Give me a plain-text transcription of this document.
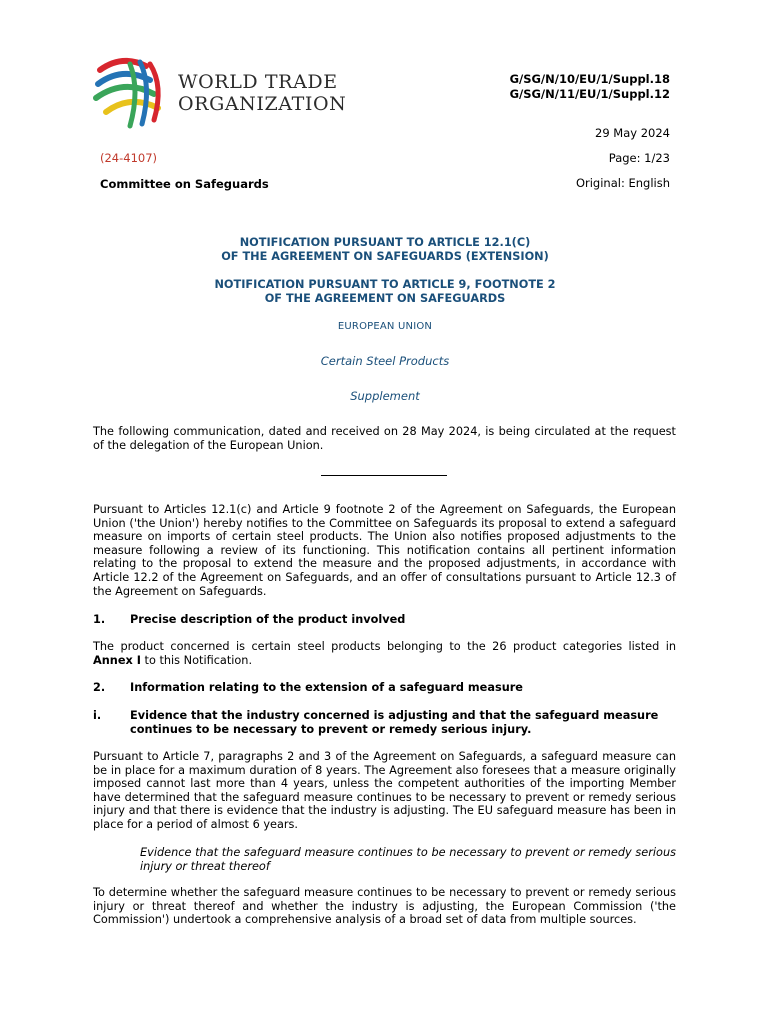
WORLD TRADE
ORGANIZATION
G/SG/N/10/EU/1/Suppl.18
G/SG/N/11/EU/1/Suppl.12
29 May 2024
(24-4107)	Page: 1/23
Committee on Safeguards	Original: English
NOTIFICATION PURSUANT TO ARTICLE 12.1(C)
OF THE AGREEMENT ON SAFEGUARDS (EXTENSION)
NOTIFICATION PURSUANT TO ARTICLE 9, FOOTNOTE 2
OF THE AGREEMENT ON SAFEGUARDS
EUROPEAN UNION
Certain Steel Products
Supplement
The following communication, dated and received on 28 May 2024, is being circulated at the request of the delegation of the European Union.
Pursuant to Articles 12.1(c) and Article 9 footnote 2 of the Agreement on Safeguards, the European Union ('the Union') hereby notifies to the Committee on Safeguards its proposal to extend a safeguard measure on imports of certain steel products. The Union also notifies proposed adjustments to the measure following a review of its functioning. This notification contains all pertinent information relating to the proposal to extend the measure and the proposed adjustments, in accordance with Article 12.2 of the Agreement on Safeguards, and an offer of consultations pursuant to Article 12.3 of the Agreement on Safeguards.
1. Precise description of the product involved
The product concerned is certain steel products belonging to the 26 product categories listed in Annex I to this Notification.
2. Information relating to the extension of a safeguard measure
i.	Evidence that the industry concerned is adjusting and that the safeguard measure continues to be necessary to prevent or remedy serious injury.
Pursuant to Article 7, paragraphs 2 and 3 of the Agreement on Safeguards, a safeguard measure can be in place for a maximum duration of 8 years. The Agreement also foresees that a measure originally imposed cannot last more than 4 years, unless the competent authorities of the importing Member have determined that the safeguard measure continues to be necessary to prevent or remedy serious injury and that there is evidence that the industry is adjusting. The EU safeguard measure has been in place for a period of almost 6 years.
Evidence that the safeguard measure continues to be necessary to prevent or remedy serious injury or threat thereof
To determine whether the safeguard measure continues to be necessary to prevent or remedy serious injury or threat thereof and whether the industry is adjusting, the European Commission ('the Commission') undertook a comprehensive analysis of a broad set of data from multiple sources.
